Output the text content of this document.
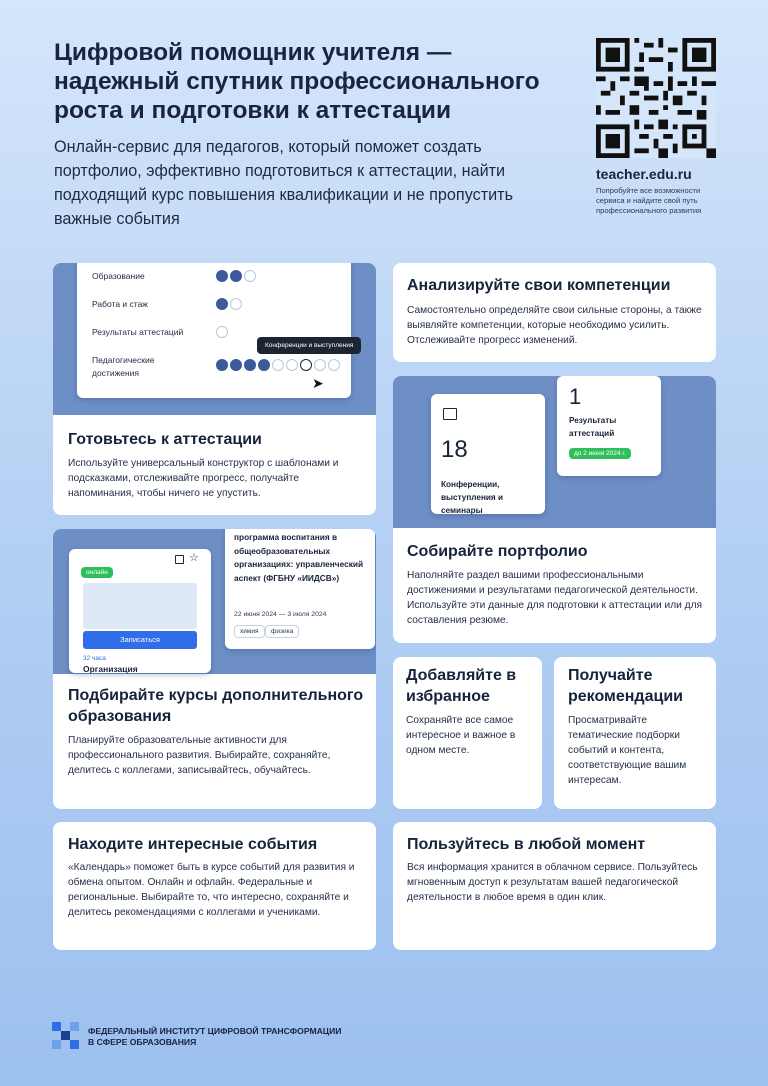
Цифровой помощник учителя — надежный спутник профессионального роста и подготовки к аттестации
Онлайн-сервис для педагогов, который поможет создать портфолио, эффективно подготовиться к аттестации, найти подходящий курс повышения квалификации и не пропустить важные события
teacher.edu.ru
Попробуйте все возможности сервиса и найдите свой путь профессионального развития
Образование
Работа и стаж
Результаты аттестаций
Педагогические достижения
Конференции и выступления
➤
Готовьтесь к аттестации

Используйте универсальный конструктор с шаблонами и подсказками, отслеживайте прогресс, получайте напоминания, чтобы ничего не упустить.

Анализируйте свои компетенции

Самостоятельно определяйте свои сильные стороны, а также выявляйте компетенции, которые необходимо усилить. Отслеживайте прогресс изменений.

18
Конференции, выступления и семинары
1
Результаты аттестаций
до 2 июня 2024 г.
Собирайте портфолио

Наполняйте раздел вашими профессиональными достижениями и результатами педагогической деятельности. Используйте эти данные для подготовки к аттестации или для составления резюме.

онлайн
☆
Записаться
32 часа
Организация
программа воспитания в общеобразовательных организациях: управленческий аспект (ФГБНУ «ИИДСВ»)
22 июня 2024 — 3 июля 2024
химия	физика
Подбирайте курсы дополнительного образования

Планируйте образовательные активности для профессионального развития. Выбирайте, сохраняйте, делитесь с коллегами, записывайтесь, обучайтесь.

Добавляйте в избранное

Сохраняйте все самое интересное и важное в одном месте.

Получайте рекомендации

Просматривайте тематические подборки событий и контента, соответствующие вашим интересам.

Находите интересные события

«Календарь» поможет быть в курсе событий для развития и обмена опытом. Онлайн и офлайн. Федеральные и региональные. Выбирайте то, что интересно, сохраняйте и делитесь рекомендациями с коллегами и учениками.

Пользуйтесь в любой момент

Вся информация хранится в облачном сервисе. Пользуйтесь мгновенным доступ к результатам вашей педагогической деятельности в любое время в один клик.

ФЕДЕРАЛЬНЫЙ ИНСТИТУТ ЦИФРОВОЙ ТРАНСФОРМАЦИИ В СФЕРЕ ОБРАЗОВАНИЯ
